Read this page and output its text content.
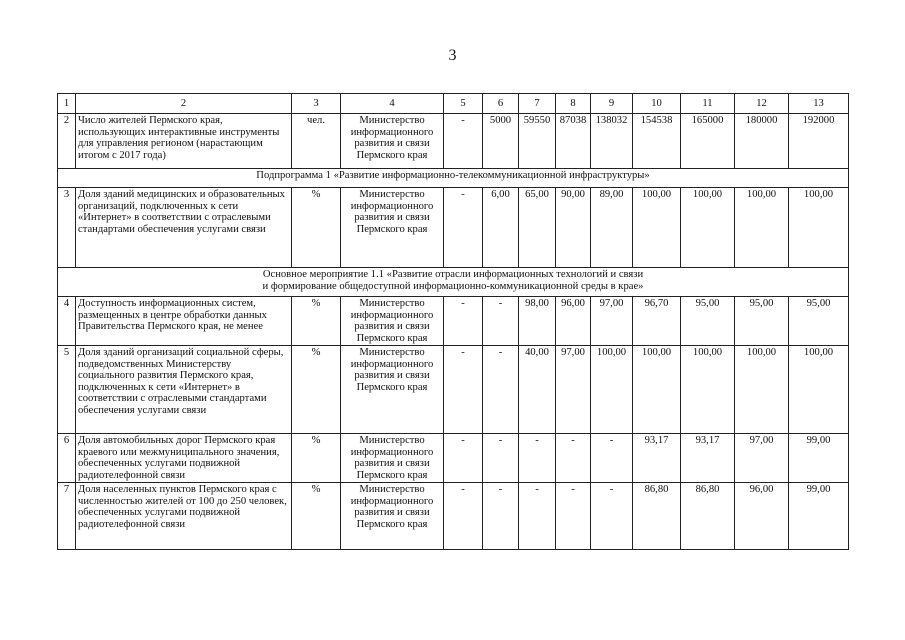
3
1	2	3	4	5	6	7	8	9	10	11	12	13
2	Число жителей Пермского края, использующих интерактивные инструменты для управления регионом (нарастающим итогом с 2017 года)	чел.	Министерство информационного развития и связи Пермского края	-	5000	59550	87038	138032	154538	165000	180000	192000
Подпрограмма 1 «Развитие информационно-телекоммуникационной инфраструктуры»												
3	Доля зданий медицинских и образовательных организаций, подключенных к сети «Интернет» в соответствии с отраслевыми стандартами обеспечения услугами связи	%	Министерство информационного развития и связи Пермского края	-	6,00	65,00	90,00	89,00	100,00	100,00	100,00	100,00

Основное мероприятие 1.1 «Развитие отрасли информационных технологий и связи
и формирование общедоступной информационно-коммуникационной среды в крае»												

4	Доступность информационных систем, размещенных в центре обработки данных Правительства Пермского края, не менее	%	Министерство информационного развития и связи Пермского края	-	-	98,00	96,00	97,00	96,70	95,00	95,00	95,00
5	Доля зданий организаций социальной сферы, подведомственных Министерству социального развития Пермского края, подключенных к сети «Интернет» в соответствии с отраслевыми стандартами обеспечения услугами связи	%	Министерство информационного развития и связи Пермского края	-	-	40,00	97,00	100,00	100,00	100,00	100,00	100,00
6	Доля автомобильных дорог Пермского края краевого или межмуниципального значения, обеспеченных услугами подвижной радиотелефонной связи	%	Министерство информационного развития и связи Пермского края	-	-	-	-	-	93,17	93,17	97,00	99,00
7	Доля населенных пунктов Пермского края с численностью жителей от 100 до 250 человек, обеспеченных услугами подвижной радиотелефонной связи	%	Министерство информационного развития и связи Пермского края	-	-	-	-	-	86,80	86,80	96,00	99,00
